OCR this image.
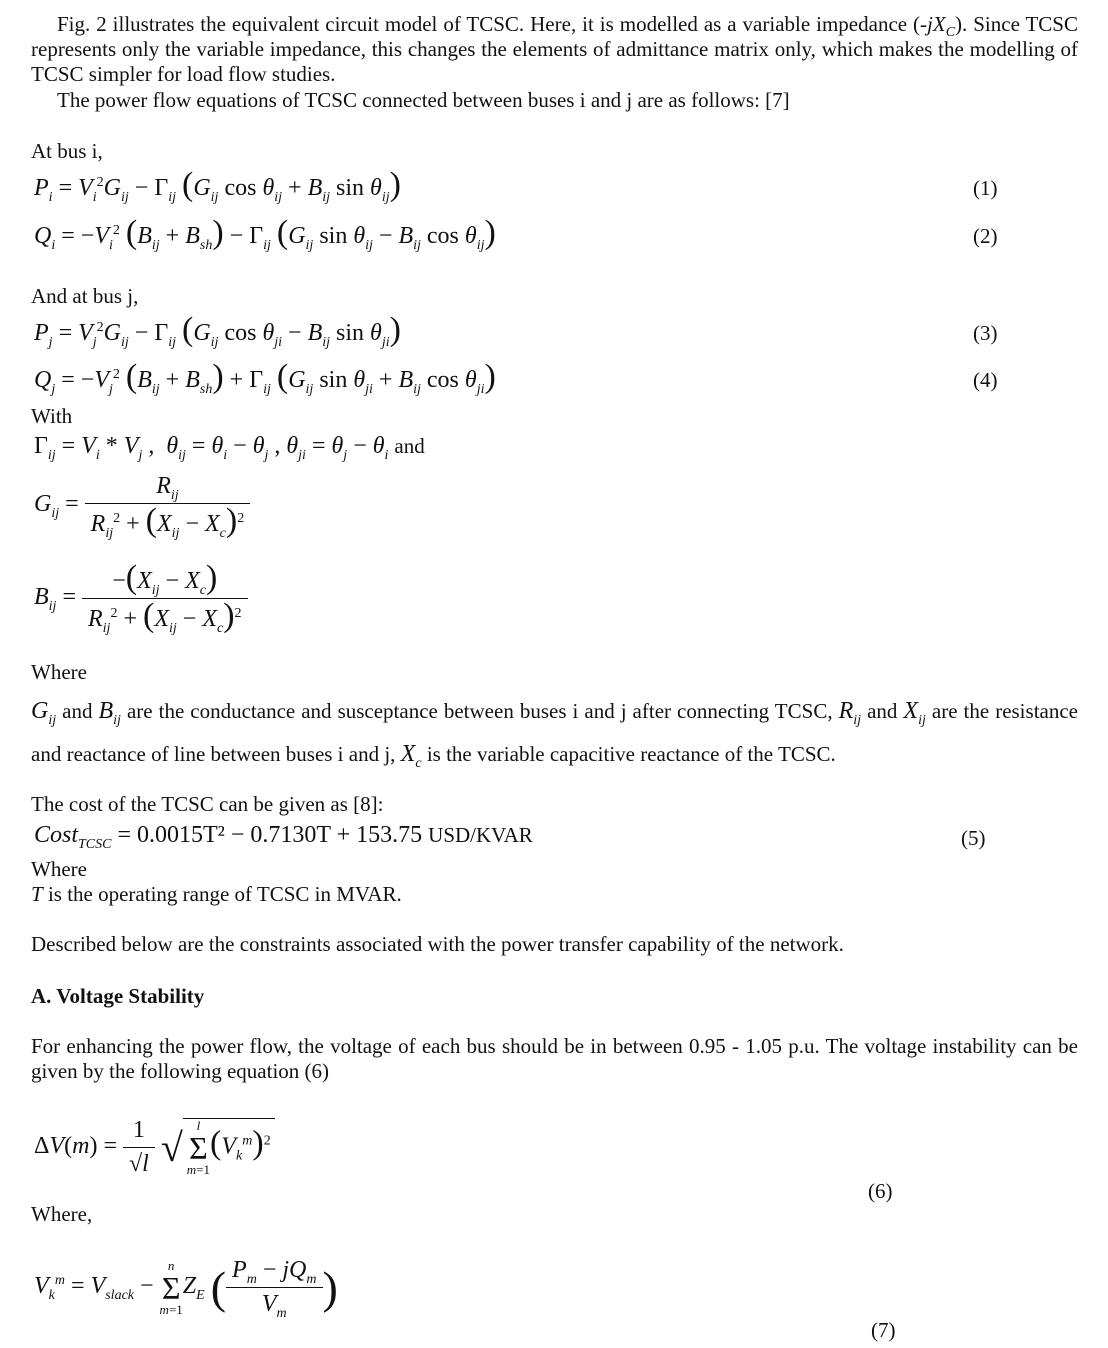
Fig. 2 illustrates the equivalent circuit model of TCSC. Here, it is modelled as a variable impedance $(-jX_C)$. Since TCSC represents only the variable impedance, this changes the elements of admittance matrix only, which makes the modelling of TCSC simpler for load flow studies.
The power flow equations of TCSC connected between buses i and j are as follows: [7]
At bus i,
$P_i = V_i^2G_{ij} - \Gamma_{ij}$ ($G_{ij}$ $\cos \theta_{ij} + B_{ij}$ $\sin \theta_{ij}$)	(1)
$Q_i = -V_i^2$ $(B_{ij} + B_{sh}) - \Gamma_{ij}$ ($G_{ij}$ $\sin \theta_{ij} - B_{ij}$ $\cos \theta_{ij}$)	(2)
And at bus j,
$P_j = V_j^2G_{ij} - \Gamma_{ij}$ ($G_{ij}$ $\cos \theta_{ji} - B_{ij}$ $\sin \theta_{ji}$)	(3)
$Q_j = -V_j^2$ $(B_{ij} + B_{sh}) + \Gamma_{ij}$ ($G_{ij}$ $\sin \theta_{ji} + B_{ij}$ $\cos \theta_{ji}$)	(4)
With
$\Gamma_{ij} = V_i * V_j$ ,  $\theta_{ij} = \theta_i - \theta_j$ , $\theta_{ji} = \theta_j - \theta_i$ and
$G_{ij} = \frac{R_{ij}}{R_{ij}^2 + (X_{ij} - X_c)^2}$
$B_{ij} = \frac{-(X_{ij} - X_c)}{R_{ij}^2 + (X_{ij} - X_c)^2}$
Where
$G_{ij}$ and $B_{ij}$ are the conductance and susceptance between buses i and j after connecting TCSC, $R_{ij}$ and $X_{ij}$ are the resistance and reactance of line between buses i and j, $X_c$ is the variable capacitive reactance of the TCSC.
The cost of the TCSC can be given as [8]:
Cost$_{TCSC}$ = 0.0015T² − 0.7130T + 153.75 USD/KVAR	(5)
Where
T is the operating range of TCSC in MVAR.
Described below are the constraints associated with the power transfer capability of the network.
A. Voltage Stability
For enhancing the power flow, the voltage of each bus should be in between 0.95 - 1.05 p.u. The voltage instability can be given by the following equation (6)
$\Delta V(m) = \frac{1}{√l}$ √	l
Σ
m=1
$(V_k^m)^2$
(6)
Where,
$V_k^m = V_{slack}$ −
n
Σ
m=1
$Z_E$ ( $\frac{P_m - jQ_m}{V_m}$ )
(7)
